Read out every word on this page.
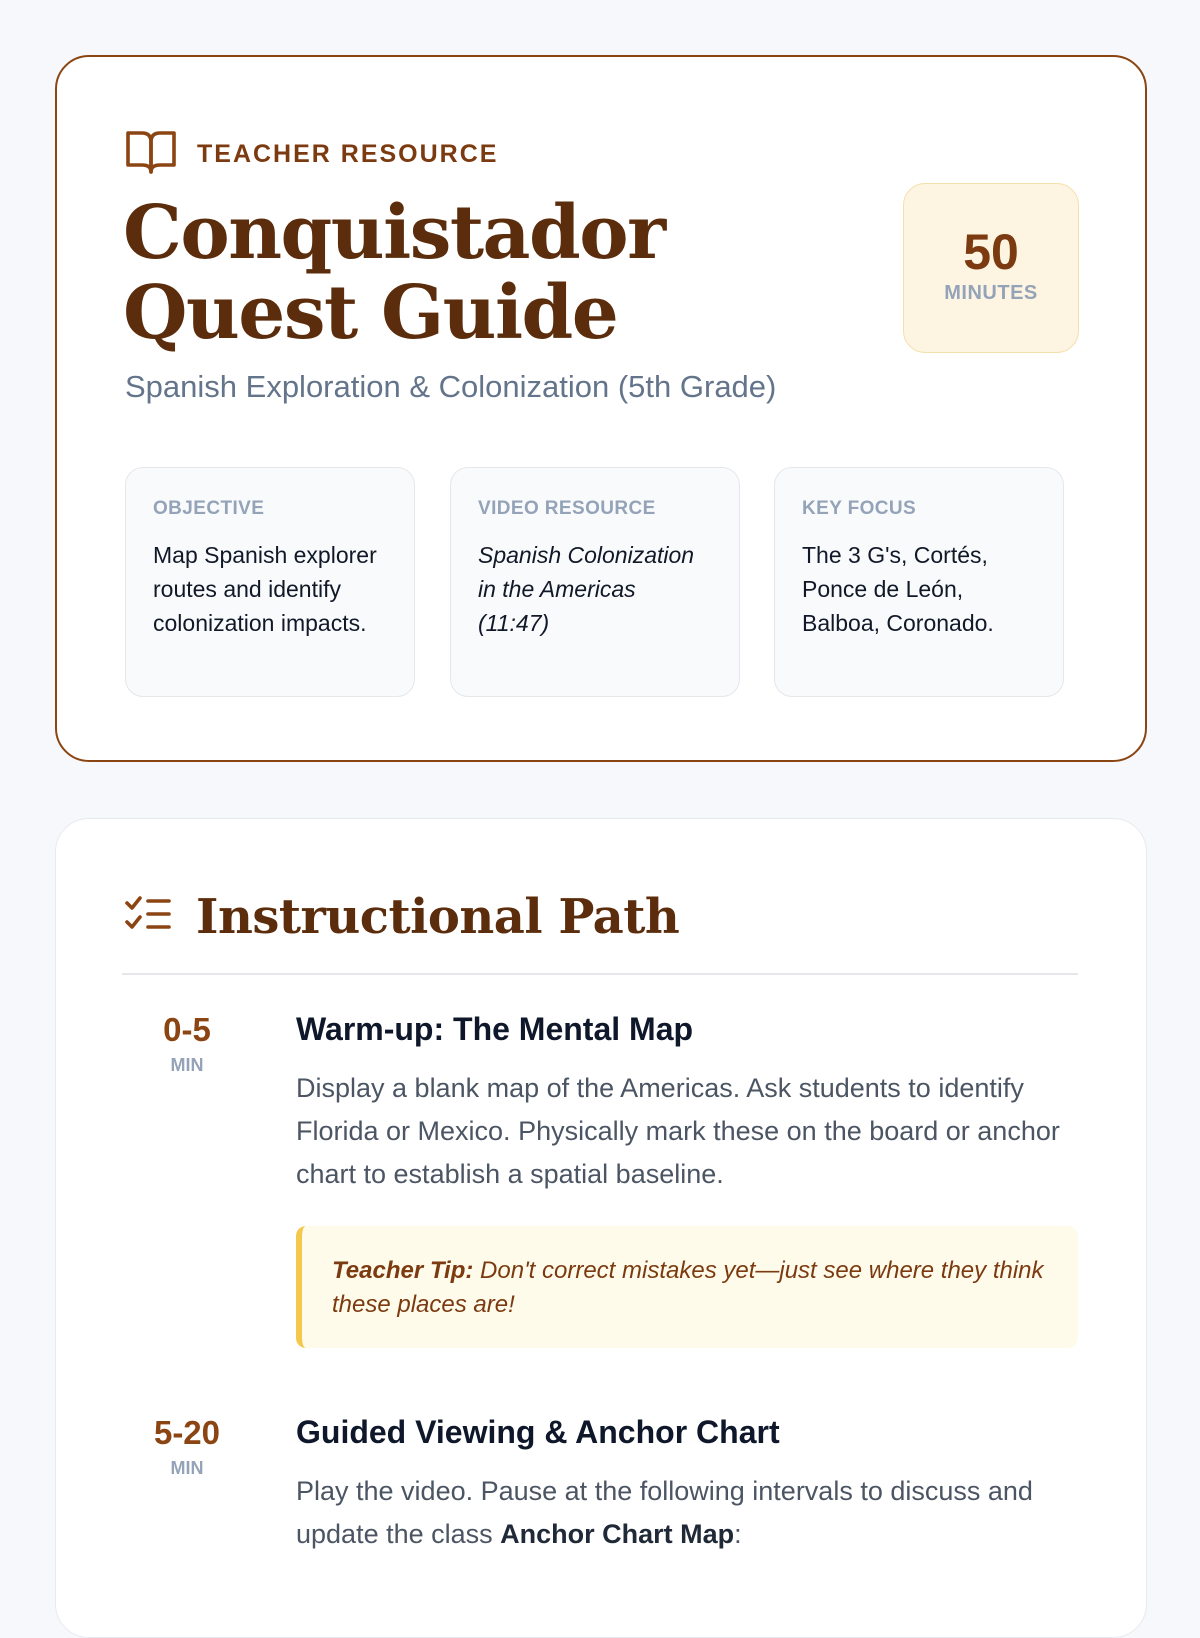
TEACHER RESOURCE
Conquistador Quest Guide
50
MINUTES
Spanish Exploration & Colonization (5th Grade)
OBJECTIVE
Map Spanish explorer routes and identify colonization impacts.
VIDEO RESOURCE
Spanish Colonization in the Americas (11:47)
KEY FOCUS
The 3 G's, Cortés, Ponce de León, Balboa, Coronado.
Instructional Path
0-5
MIN
Warm-up: The Mental Map

Display a blank map of the Americas. Ask students to identify Florida or Mexico. Physically mark these on the board or anchor chart to establish a spatial baseline.

Teacher Tip: Don't correct mistakes yet—just see where they think these places are!
5-20
MIN
Guided Viewing & Anchor Chart

Play the video. Pause at the following intervals to discuss and update the class Anchor Chart Map:
